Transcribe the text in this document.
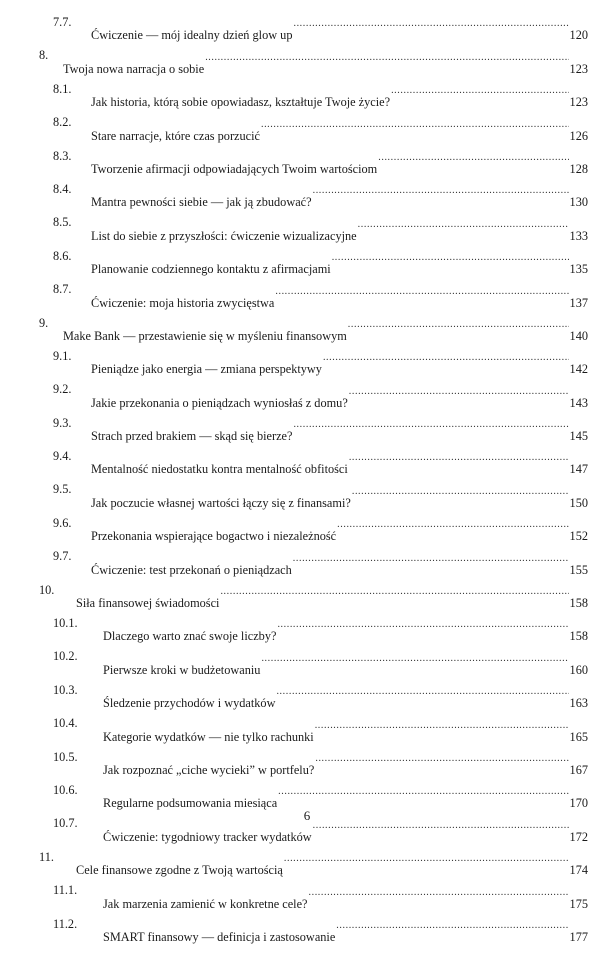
7.7.
Ćwiczenie — mój idealny dzień glow up .....	120
8.
Twoja nowa narracja o sobie .....	123
8.1.
Jak historia, którą sobie opowiadasz, kształtuje Twoje życie? .....	123
8.2.
Stare narracje, które czas porzucić .....	126
8.3.
Tworzenie afirmacji odpowiadających Twoim wartościom .....	128
8.4.
Mantra pewności siebie — jak ją zbudować? .....	130
8.5.
List do siebie z przyszłości: ćwiczenie wizualizacyjne .....	133
8.6.
Planowanie codziennego kontaktu z afirmacjami .....	135
8.7.
Ćwiczenie: moja historia zwycięstwa .....	137
9.
Make Bank — przestawienie się w myśleniu finansowym .....	140
9.1.
Pieniądze jako energia — zmiana perspektywy .....	142
9.2.
Jakie przekonania o pieniądzach wyniosłaś z domu? .....	143
9.3.
Strach przed brakiem — skąd się bierze? .....	145
9.4.
Mentalność niedostatku kontra mentalność obfitości .....	147
9.5.
Jak poczucie własnej wartości łączy się z finansami? .....	150
9.6.
Przekonania wspierające bogactwo i niezależność .....	152
9.7.
Ćwiczenie: test przekonań o pieniądzach .....	155
10.
Siła finansowej świadomości .....	158
10.1.
Dlaczego warto znać swoje liczby? .....	158
10.2.
Pierwsze kroki w budżetowaniu .....	160
10.3.
Śledzenie przychodów i wydatków .....	163
10.4.
Kategorie wydatków — nie tylko rachunki .....	165
10.5.
Jak rozpoznać „ciche wycieki” w portfelu? .....	167
10.6.
Regularne podsumowania miesiąca .....	170
10.7.
Ćwiczenie: tygodniowy tracker wydatków .....	172
11.
Cele finansowe zgodne z Twoją wartością .....	174
11.1.
Jak marzenia zamienić w konkretne cele? .....	175
11.2.
SMART finansowy — definicja i zastosowanie .....	177
6
